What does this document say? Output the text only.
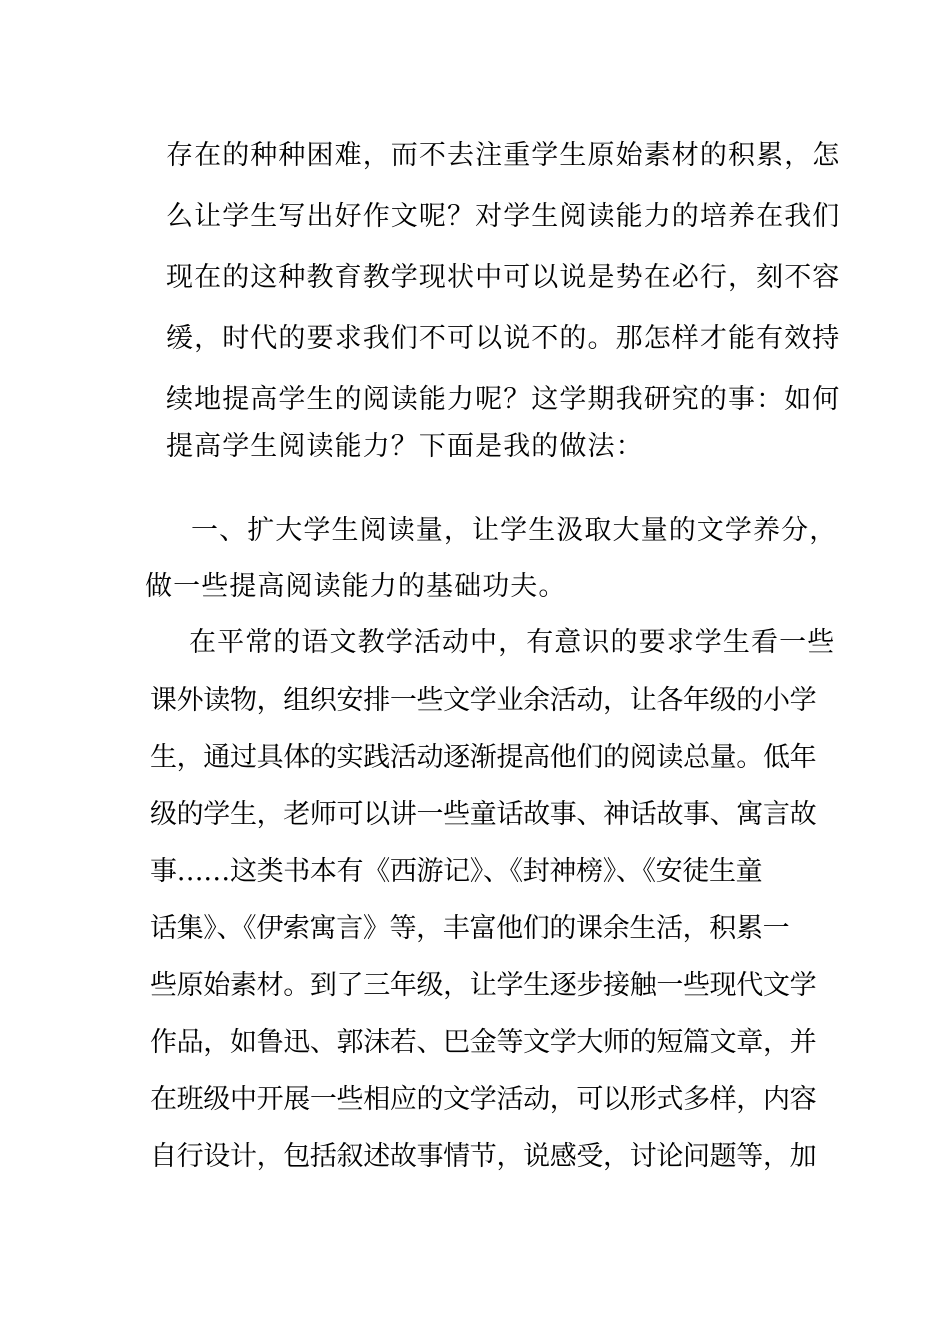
存在的种种困难，而不去注重学生原始素材的积累，怎

么让学生写出好作文呢？对学生阅读能力的培养在我们

现在的这种教育教学现状中可以说是势在必行，刻不容

缓，时代的要求我们不可以说不的。那怎样才能有效持

续地提高学生的阅读能力呢？这学期我研究的事：如何

提高学生阅读能力？下面是我的做法：

一、扩大学生阅读量，让学生汲取大量的文学养分，

做一些提高阅读能力的基础功夫。

在平常的语文教学活动中，有意识的要求学生看一些

课外读物，组织安排一些文学业余活动，让各年级的小学

生，通过具体的实践活动逐渐提高他们的阅读总量。低年

级的学生，老师可以讲一些童话故事、神话故事、寓言故

事……这类书本有《西游记》、《封神榜》、《安徒生童

话集》、《伊索寓言》等，丰富他们的课余生活，积累一

些原始素材。到了三年级，让学生逐步接触一些现代文学

作品，如鲁迅、郭沫若、巴金等文学大师的短篇文章，并

在班级中开展一些相应的文学活动，可以形式多样，内容

自行设计，包括叙述故事情节，说感受，讨论问题等，加
